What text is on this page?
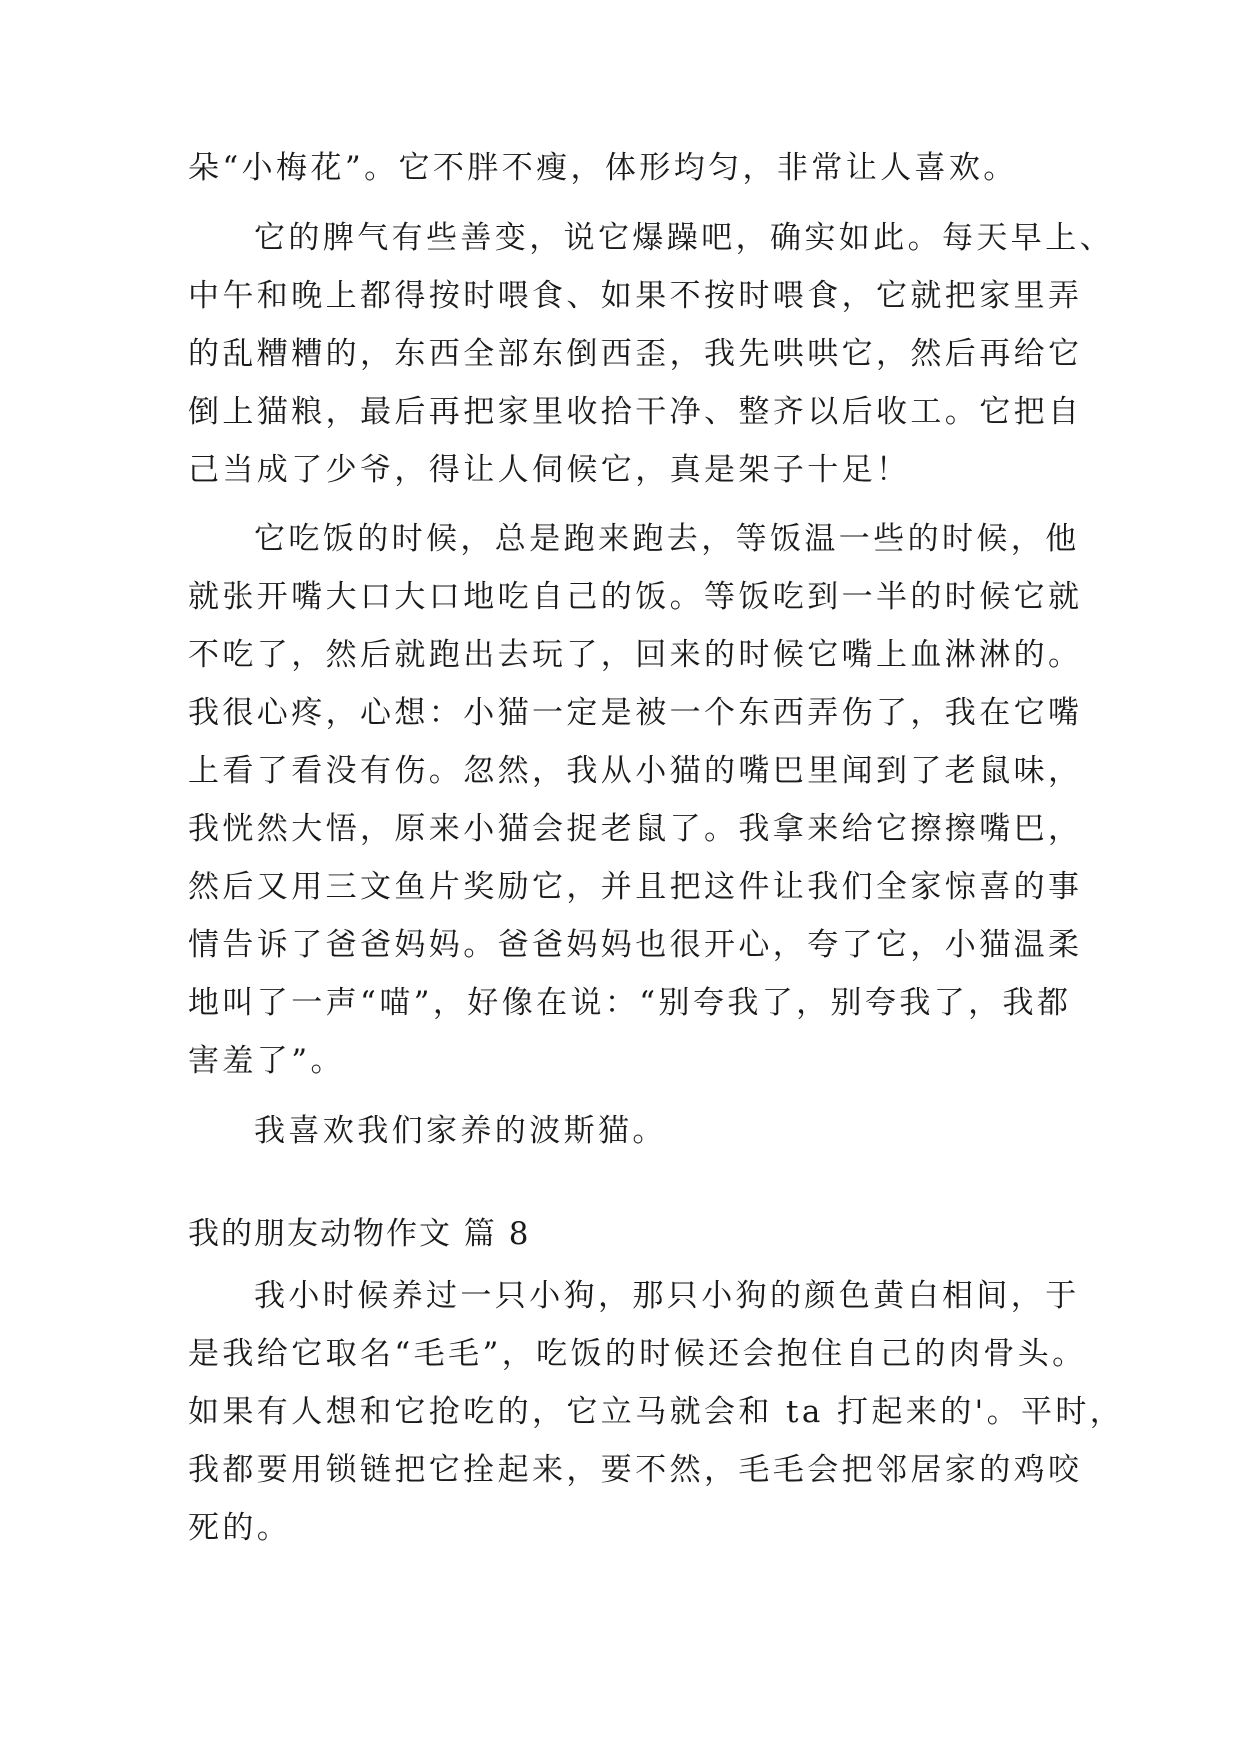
朵“小梅花”。它不胖不瘦，体形均匀，非常让人喜欢。
它的脾气有些善变，说它爆躁吧，确实如此。每天早上、
中午和晚上都得按时喂食、如果不按时喂食，它就把家里弄
的乱糟糟的，东西全部东倒西歪，我先哄哄它，然后再给它
倒上猫粮，最后再把家里收拾干净、整齐以后收工。它把自
己当成了少爷，得让人伺候它，真是架子十足！
它吃饭的时候，总是跑来跑去，等饭温一些的时候，他
就张开嘴大口大口地吃自己的饭。等饭吃到一半的时候它就
不吃了，然后就跑出去玩了，回来的时候它嘴上血淋淋的。
我很心疼，心想：小猫一定是被一个东西弄伤了，我在它嘴
上看了看没有伤。忽然，我从小猫的嘴巴里闻到了老鼠味，
我恍然大悟，原来小猫会捉老鼠了。我拿来给它擦擦嘴巴，
然后又用三文鱼片奖励它，并且把这件让我们全家惊喜的事
情告诉了爸爸妈妈。爸爸妈妈也很开心，夸了它，小猫温柔
地叫了一声“喵”，好像在说：“别夸我了，别夸我了，我都
害羞了”。
我喜欢我们家养的波斯猫。
我的朋友动物作文 篇 8
我小时候养过一只小狗，那只小狗的颜色黄白相间，于
是我给它取名“毛毛”，吃饭的时候还会抱住自己的肉骨头。
如果有人想和它抢吃的，它立马就会和 ta 打起来的'。平时，
我都要用锁链把它拴起来，要不然，毛毛会把邻居家的鸡咬
死的。
